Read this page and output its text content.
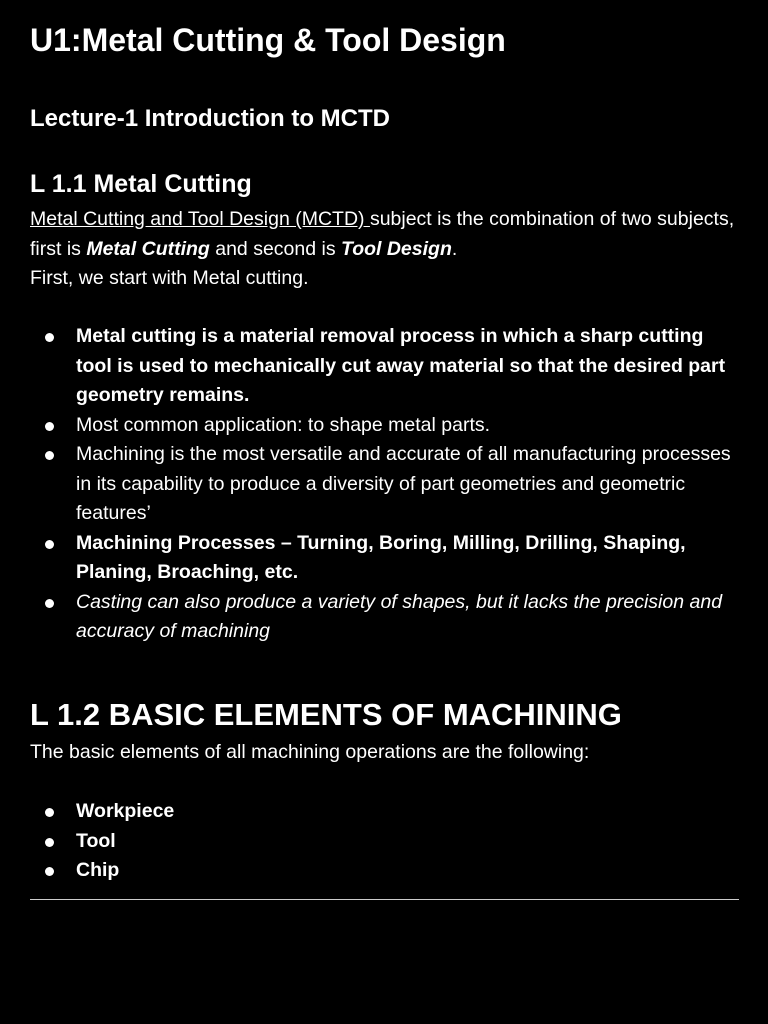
U1:Metal Cutting & Tool Design
Lecture-1 Introduction to MCTD
L 1.1 Metal Cutting

Metal Cutting and Tool Design (MCTD) subject is the combination of two subjects, first is Metal Cutting and second is Tool Design.
First, we start with Metal cutting.

Metal cutting is a material removal process in which a sharp cutting tool is used to mechanically cut away material so that the desired part geometry remains.
Most common application: to shape metal parts.
Machining is the most versatile and accurate of all manufacturing processes in its capability to produce a diversity of part geometries and geometric features’
Machining Processes – Turning, Boring, Milling, Drilling, Shaping, Planing, Broaching, etc.
Casting can also produce a variety of shapes, but it lacks the precision and accuracy of machining
L 1.2 BASIC ELEMENTS OF MACHINING

The basic elements of all machining operations are the following:

Workpiece
Tool
Chip
